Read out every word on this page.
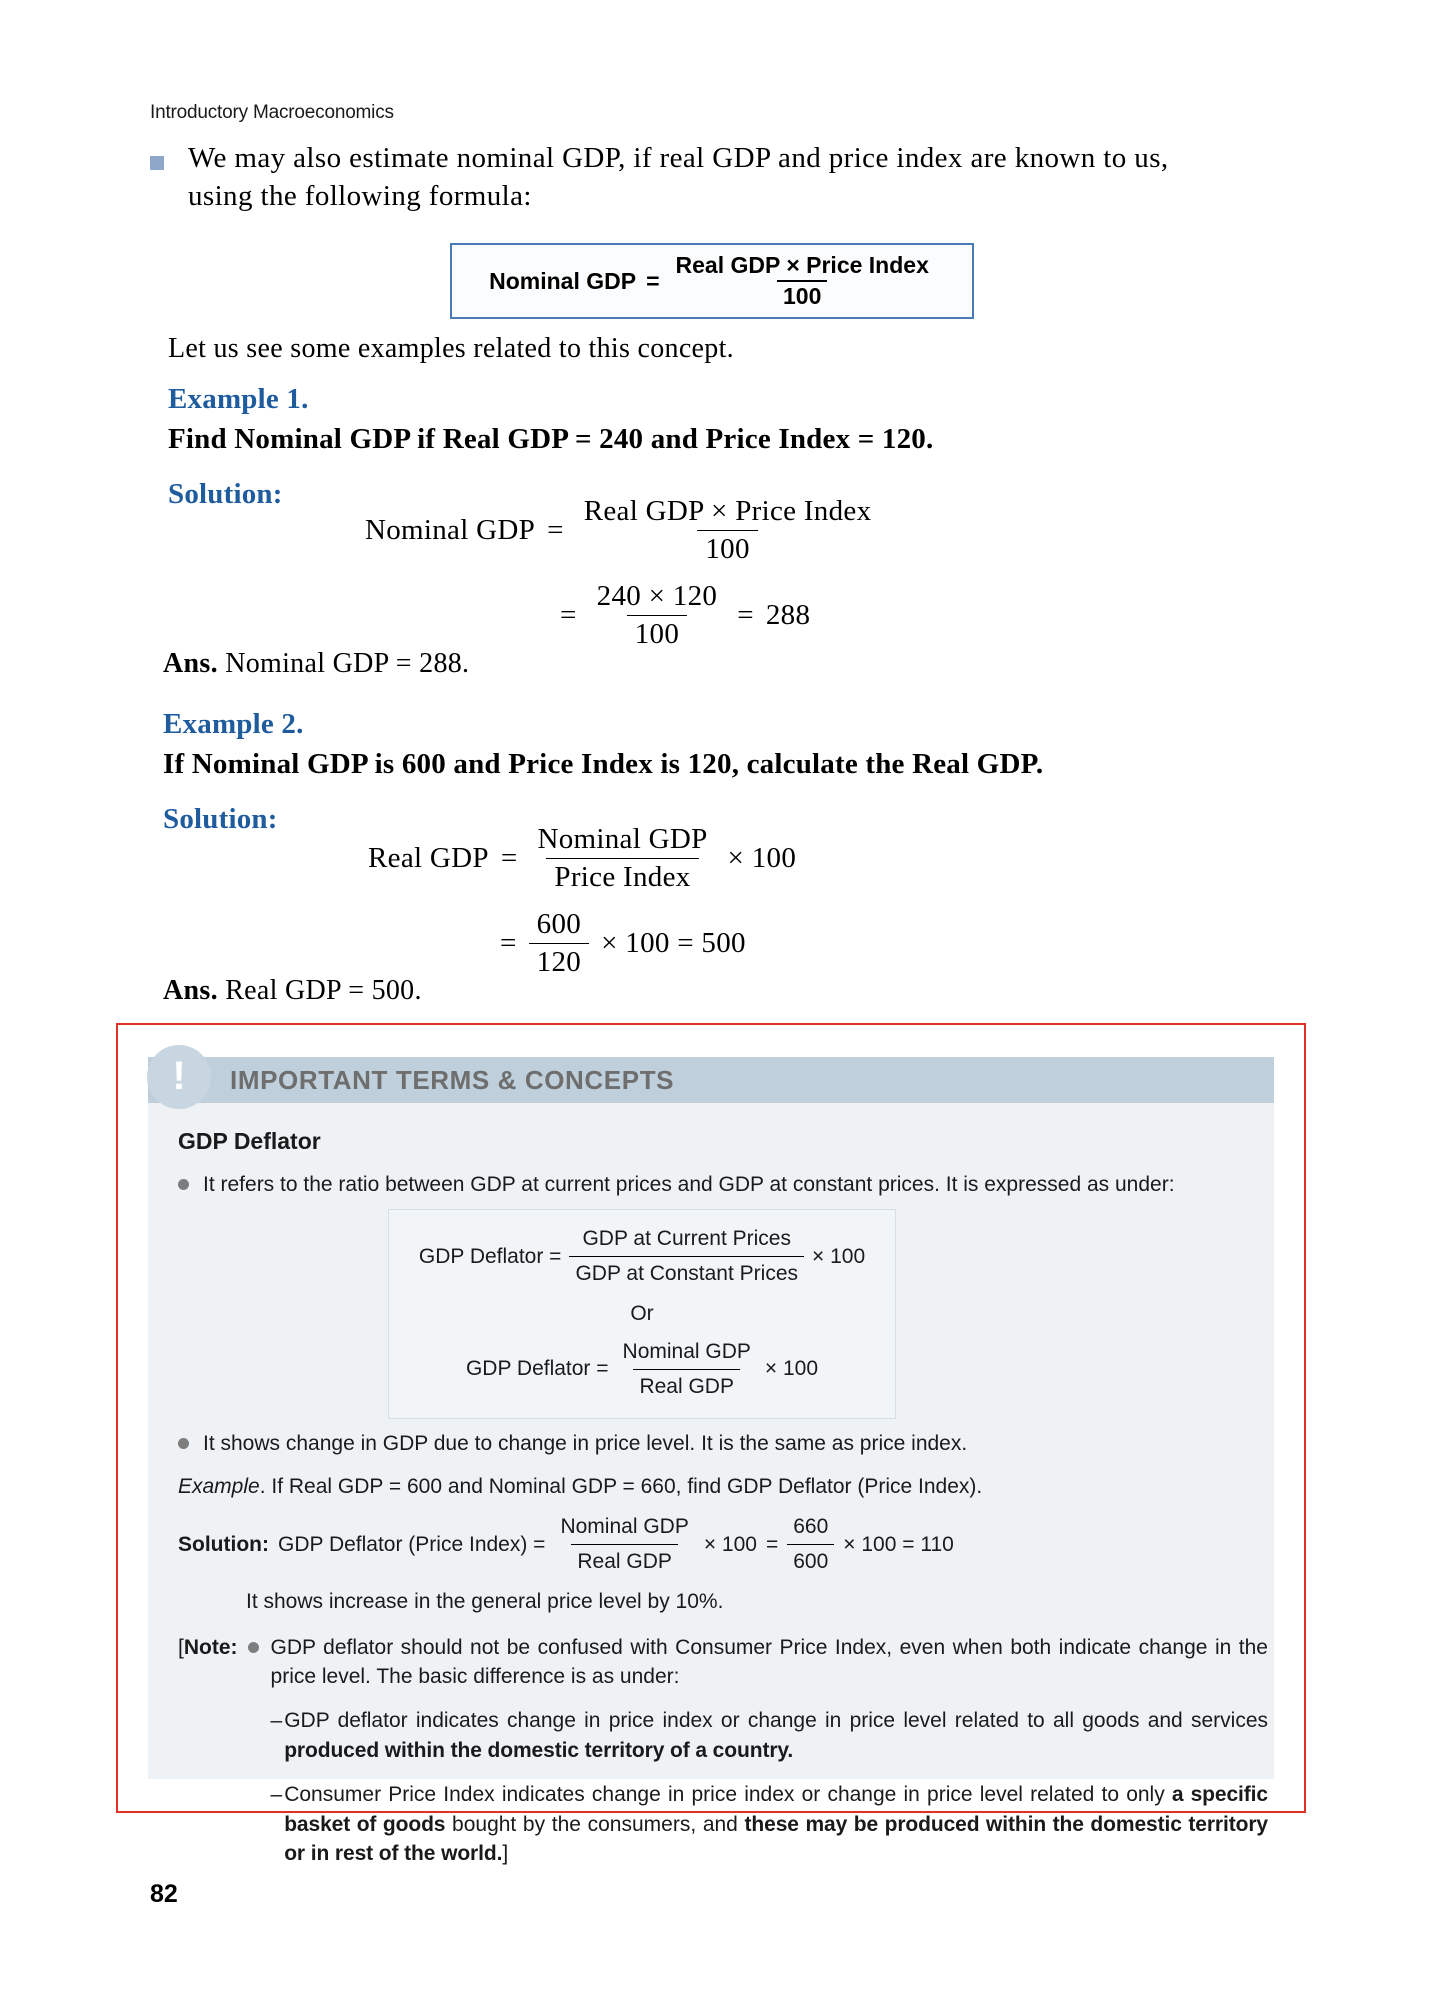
Introductory Macroeconomics
We may also estimate nominal GDP, if real GDP and price index are known to us,
using the following formula:
Nominal GDP = $\frac{\text{Real GDP × Price Index}}{100}$
Let us see some examples related to this concept.
Example 1.
Find Nominal GDP if Real GDP = 240 and Price Index = 120.
Solution:
Nominal GDP = $\frac{\text{Real GDP × Price Index}}{100}$
= $\frac{240 \times 120}{100} = 288$
Ans. Nominal GDP = 288.
Example 2.
If Nominal GDP is 600 and Price Index is 120, calculate the Real GDP.
Solution:
Real GDP = $\frac{\text{Nominal GDP}}{\text{Price Index}} \times 100$
= $\frac{600}{120} \times 100 = 500$
Ans. Real GDP = 500.
! IMPORTANT TERMS & CONCEPTS
GDP Deflator
It refers to the ratio between GDP at current prices and GDP at constant prices. It is expressed as under:
GDP Deflator = $\frac{\text{GDP at Current Prices}}{\text{GDP at Constant Prices}} \times 100$
Or
GDP Deflator = $\frac{\text{Nominal GDP}}{\text{Real GDP}} \times 100$
It shows change in GDP due to change in price level. It is the same as price index.
Example. If Real GDP = 600 and Nominal GDP = 660, find GDP Deflator (Price Index).
Solution: GDP Deflator (Price Index) = $\frac{\text{Nominal GDP}}{\text{Real GDP}} \times 100 = \frac{660}{600} \times 100 = 110$
It shows increase in the general price level by 10%.
[Note: GDP deflator should not be confused with Consumer Price Index, even when both indicate change in the price level. The basic difference is as under:

– GDP deflator indicates change in price index or change in price level related to all goods and services produced within the domestic territory of a country.
– Consumer Price Index indicates change in price index or change in price level related to only a specific basket of goods bought by the consumers, and these may be produced within the domestic territory or in rest of the world.]
82
